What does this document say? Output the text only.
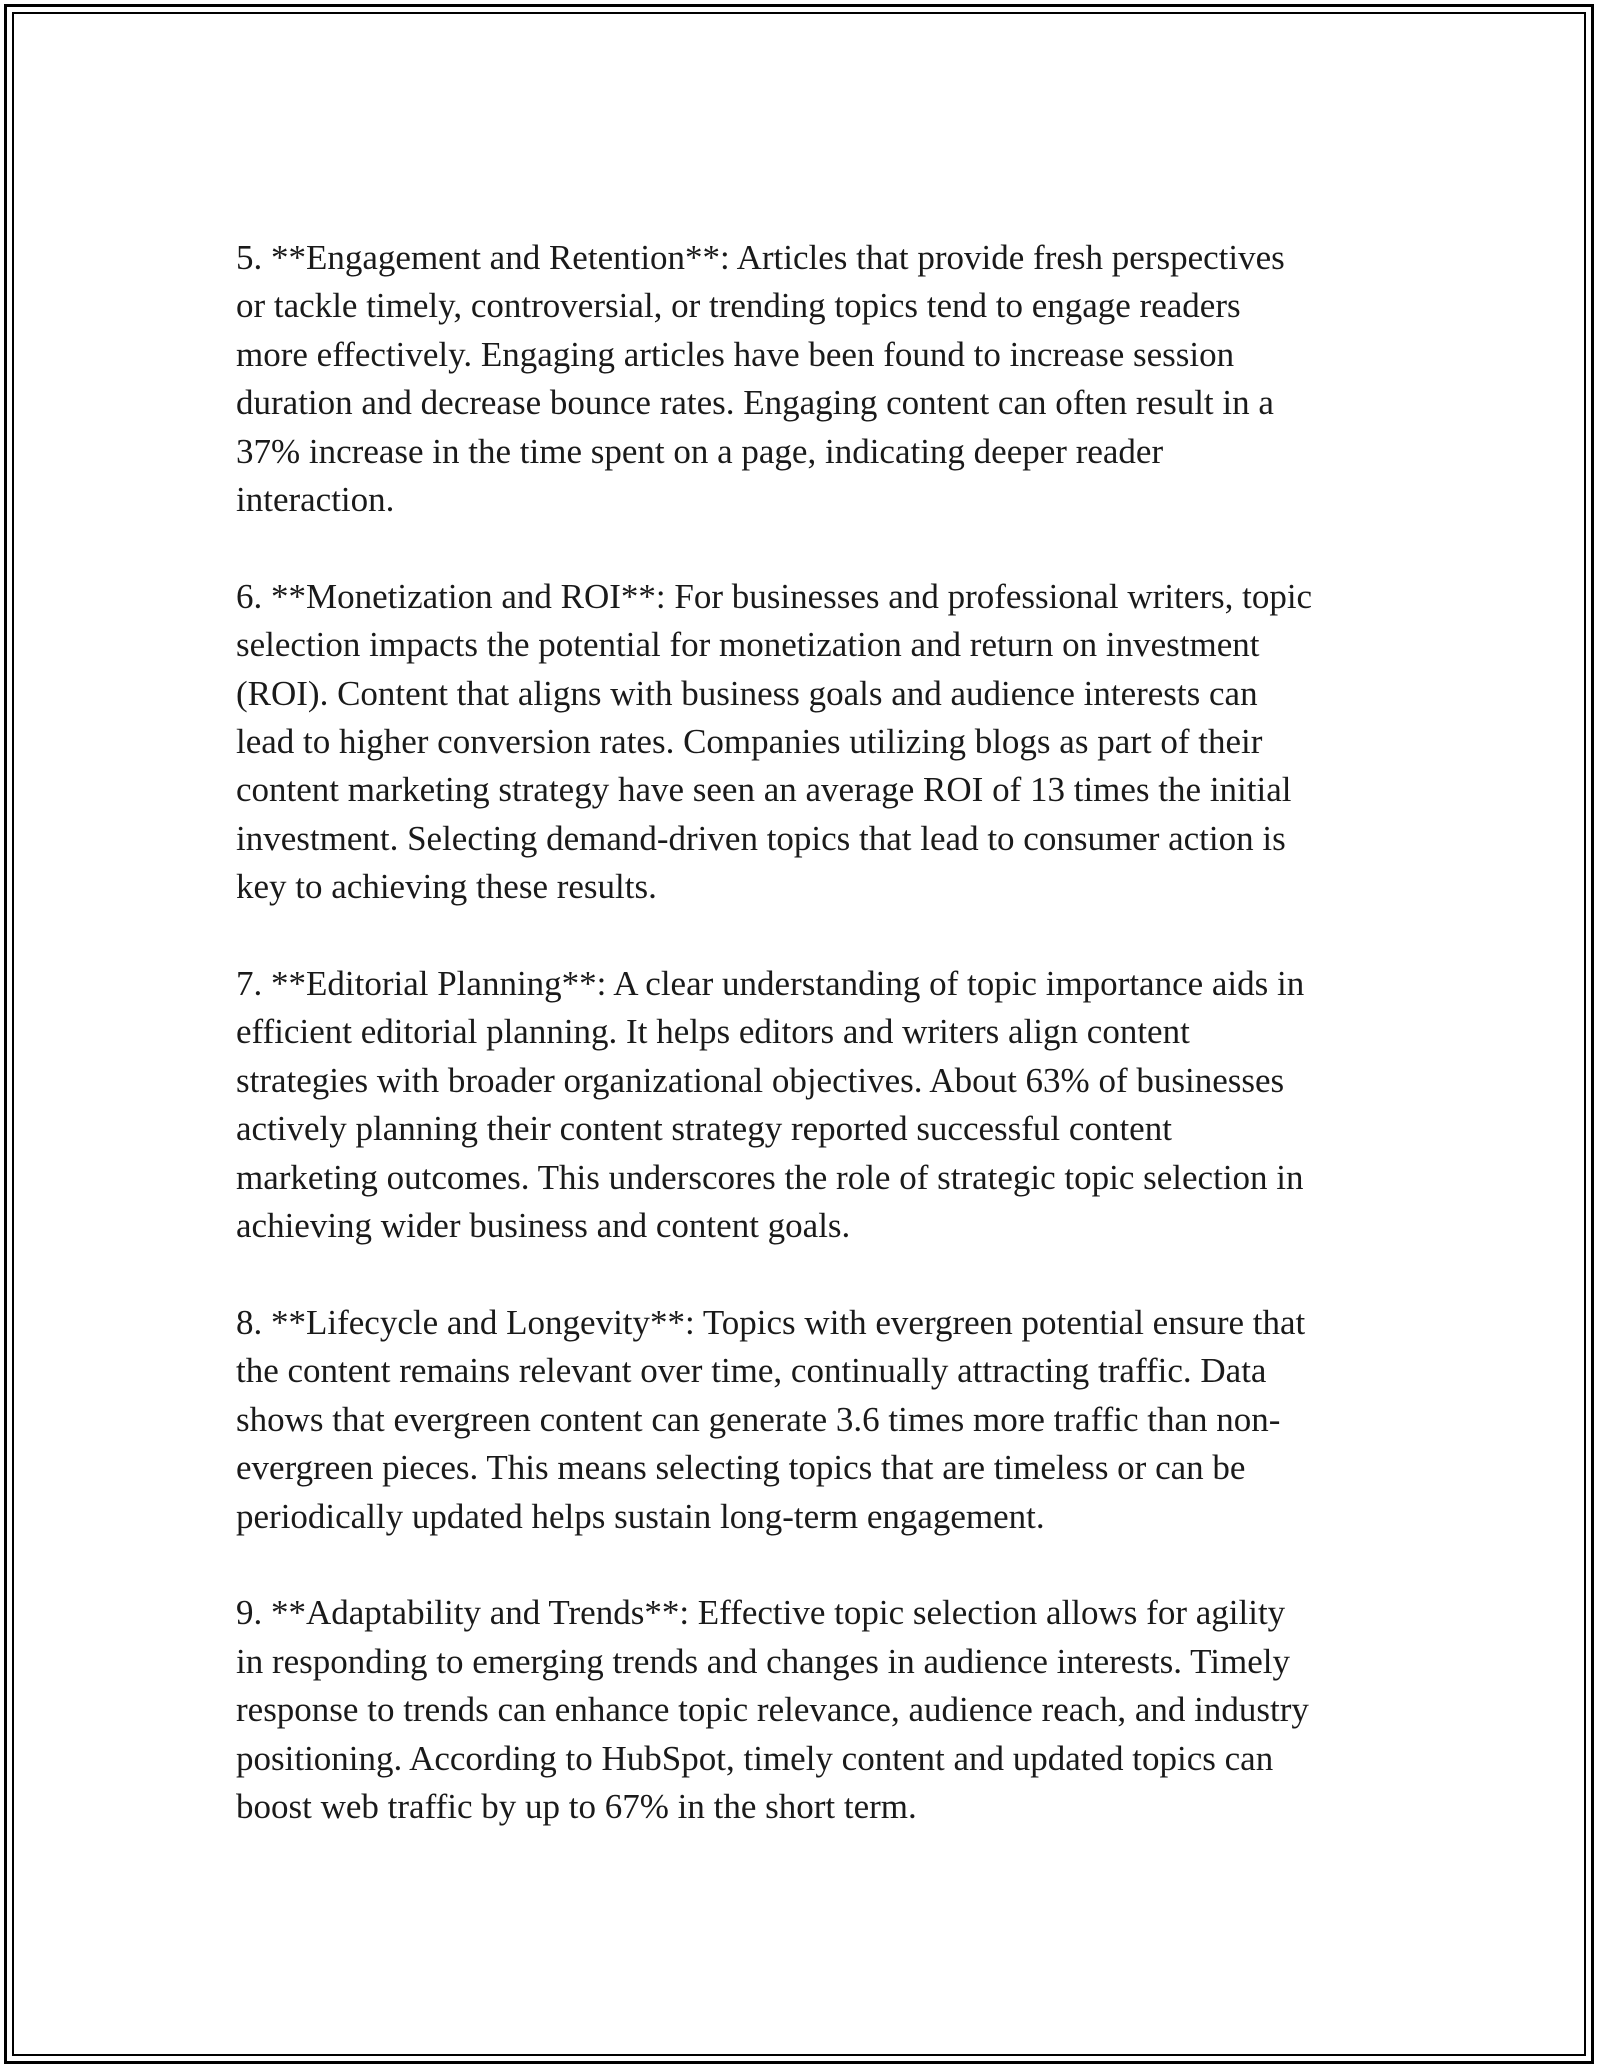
5. **Engagement and Retention**: Articles that provide fresh perspectives
or tackle timely, controversial, or trending topics tend to engage readers
more effectively. Engaging articles have been found to increase session
duration and decrease bounce rates. Engaging content can often result in a
37% increase in the time spent on a page, indicating deeper reader
interaction.
6. **Monetization and ROI**: For businesses and professional writers, topic
selection impacts the potential for monetization and return on investment
(ROI). Content that aligns with business goals and audience interests can
lead to higher conversion rates. Companies utilizing blogs as part of their
content marketing strategy have seen an average ROI of 13 times the initial
investment. Selecting demand-driven topics that lead to consumer action is
key to achieving these results.
7. **Editorial Planning**: A clear understanding of topic importance aids in
efficient editorial planning. It helps editors and writers align content
strategies with broader organizational objectives. About 63% of businesses
actively planning their content strategy reported successful content
marketing outcomes. This underscores the role of strategic topic selection in
achieving wider business and content goals.
8. **Lifecycle and Longevity**: Topics with evergreen potential ensure that
the content remains relevant over time, continually attracting traffic. Data
shows that evergreen content can generate 3.6 times more traffic than non-
evergreen pieces. This means selecting topics that are timeless or can be
periodically updated helps sustain long-term engagement.
9. **Adaptability and Trends**: Effective topic selection allows for agility
in responding to emerging trends and changes in audience interests. Timely
response to trends can enhance topic relevance, audience reach, and industry
positioning. According to HubSpot, timely content and updated topics can
boost web traffic by up to 67% in the short term.
